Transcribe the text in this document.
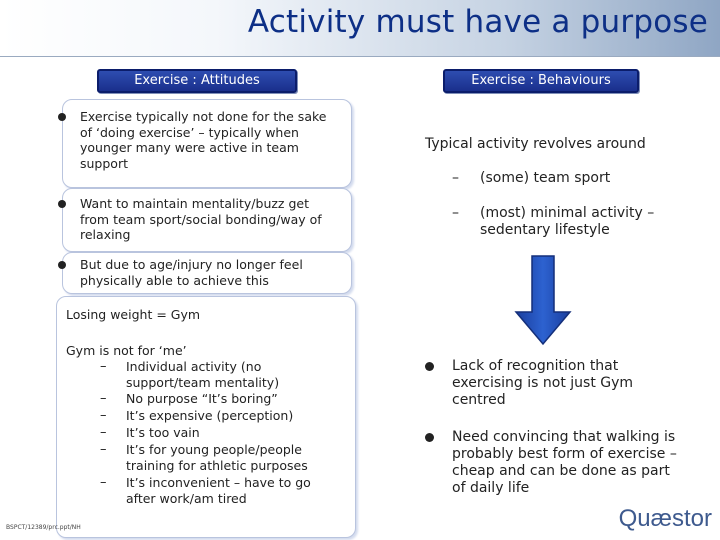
Activity must have a purpose
Exercise : Attitudes
Exercise typically not done for the sake
of ‘doing exercise’ – typically when
younger many were active in team
support
Want to maintain mentality/buzz get
from team sport/social bonding/way of
relaxing
But due to age/injury no longer feel
physically able to achieve this
Losing weight = Gym
Gym is not for ‘me’
– Individual activity (no
support/team mentality)
– No purpose “It’s boring”
– It’s expensive (perception)
– It’s too vain
– It’s for young people/people
training for athletic purposes
– It’s inconvenient – have to go
after work/am tired
Exercise : Behaviours
Typical activity revolves around
– (some) team sport
– (most) minimal activity –
sedentary lifestyle
Lack of recognition that
exercising is not just Gym
centred
Need convincing that walking is
probably best form of exercise –
cheap and can be done as part
of daily life
BSPCT/12389/prc.ppt/NH	Quæstor
